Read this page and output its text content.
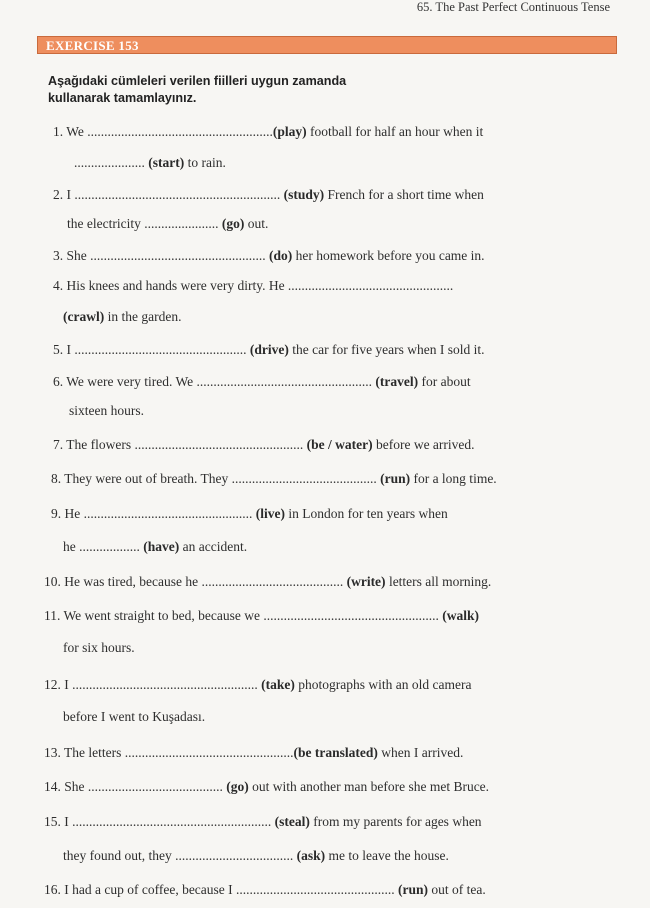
65. The Past Perfect Continuous Tense
EXERCISE 153
Aşağıdaki cümleleri verilen fiilleri uygun zamanda
kullanarak tamamlayınız.
1. We .......................................................(play) football for half an hour when it
..................... (start) to rain.
2. I ............................................................. (study) French for a short time when
the electricity ...................... (go) out.
3. She .................................................... (do) her homework before you came in.
4. His knees and hands were very dirty. He .................................................
(crawl) in the garden.
5. I ................................................... (drive) the car for five years when I sold it.
6. We were very tired. We .................................................... (travel) for about
sixteen hours.
7. The flowers .................................................. (be / water) before we arrived.
8. They were out of breath. They ........................................... (run) for a long time.
9. He .................................................. (live) in London for ten years when
he .................. (have) an accident.
10. He was tired, because he .......................................... (write) letters all morning.
11. We went straight to bed, because we .................................................... (walk)
for six hours.
12. I ....................................................... (take) photographs with an old camera
before I went to Kuşadası.
13. The letters ..................................................(be translated) when I arrived.
14. She ........................................ (go) out with another man before she met Bruce.
15. I ........................................................... (steal) from my parents for ages when
they found out, they ................................... (ask) me to leave the house.
16. I had a cup of coffee, because I ............................................... (run) out of tea.
